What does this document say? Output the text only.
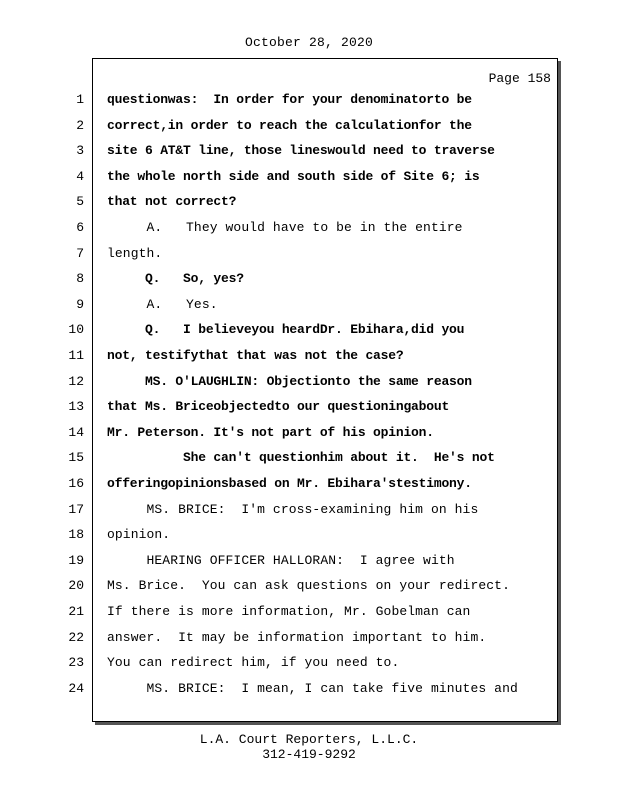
October 28, 2020
Page 158
1
2
3
4
5
6
7
8
9
10
11
12
13
14
15
16
17
18
19
20
21
22
23
24
questionwas:  In order for your denominatorto be
correct,in order to reach the calculationfor the
site 6 AT&T line, those lineswould need to traverse
the whole north side and south side of Site 6; is
that not correct?
A.   They would have to be in the entire
length.
Q.   So, yes?
A.   Yes.
Q.   I believeyou heardDr. Ebihara,did you
not, testifythat that was not the case?
MS. O'LAUGHLIN: Objectionto the same reason
that Ms. Briceobjectedto our questioningabout
Mr. Peterson. It's not part of his opinion.
She can't questionhim about it.  He's not
offeringopinionsbased on Mr. Ebihara'stestimony.
MS. BRICE:  I'm cross-examining him on his
opinion.
HEARING OFFICER HALLORAN:  I agree with
Ms. Brice.  You can ask questions on your redirect.
If there is more information, Mr. Gobelman can
answer.  It may be information important to him.
You can redirect him, if you need to.
MS. BRICE:  I mean, I can take five minutes and
L.A. Court Reporters, L.L.C.
312-419-9292
